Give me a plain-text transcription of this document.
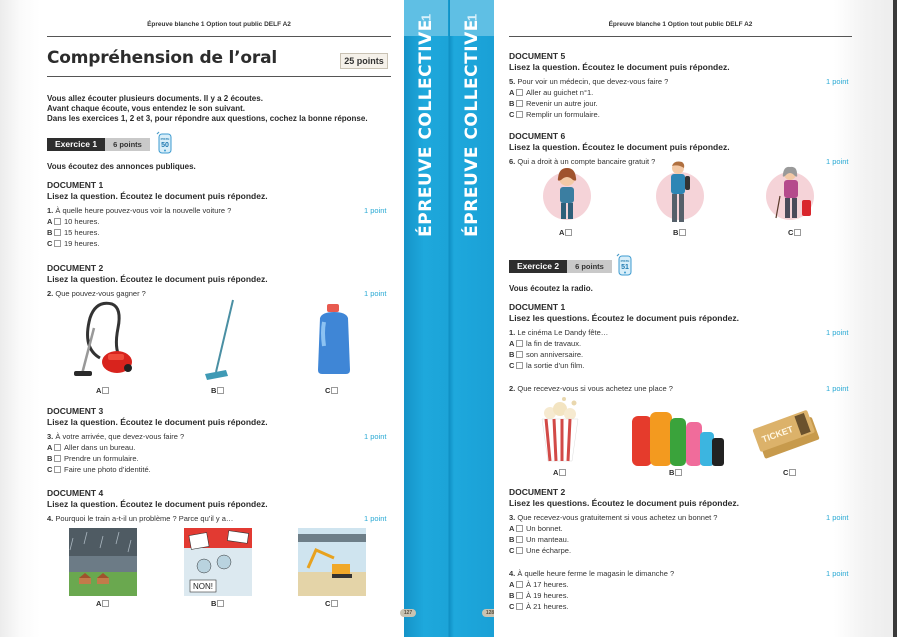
Épreuve blanche 1 Option tout public DELF A2
Compréhension de l’oral	25 points
Vous allez écouter plusieurs documents. Il y a 2 écoutes.
Avant chaque écoute, vous entendez le son suivant.
Dans les exercices 1, 2 et 3, pour répondre aux questions, cochez la bonne réponse.
Exercice 1	6 points
PISTE
50
Vous écoutez des annonces publiques.
DOCUMENT 1
Lisez la question. Écoutez le document puis répondez.
1. À quelle heure pouvez-vous voir la nouvelle voiture ?	1 point
A 10 heures.
B 15 heures.
C 19 heures.
DOCUMENT 2
Lisez la question. Écoutez le document puis répondez.
2. Que pouvez-vous gagner ?	1 point
A	B	C
DOCUMENT 3
Lisez la question. Écoutez le document puis répondez.
3. À votre arrivée, que devez-vous faire ?	1 point
A Aller dans un bureau.
B Prendre un formulaire.
C Faire une photo d’identité.
DOCUMENT 4
Lisez la question. Écoutez le document puis répondez.
4. Pourquoi le train a-t-il un problème ? Parce qu’il y a…	1 point
A
NON!
B	C
1
ÉPREUVE COLLECTIVE
1
ÉPREUVE COLLECTIVE
127	128
Épreuve blanche 1 Option tout public DELF A2
DOCUMENT 5
Lisez la question. Écoutez le document puis répondez.
5. Pour voir un médecin, que devez-vous faire ?	1 point
A Aller au guichet n°1.
B Revenir un autre jour.
C Remplir un formulaire.
DOCUMENT 6
Lisez la question. Écoutez le document puis répondez.
6. Qui a droit à un compte bancaire gratuit ?	1 point
A	B	C
Exercice 2	6 points
PISTE
51
Vous écoutez la radio.
DOCUMENT 1
Lisez les questions. Écoutez le document puis répondez.
1. Le cinéma Le Dandy fête…	1 point
A la fin de travaux.
B son anniversaire.
C la sortie d’un film.
2. Que recevez-vous si vous achetez une place ?	1 point
A	B
TICKET
C
DOCUMENT 2
Lisez les questions. Écoutez le document puis répondez.
3. Que recevez-vous gratuitement si vous achetez un bonnet ?	1 point
A Un bonnet.
B Un manteau.
C Une écharpe.
4. À quelle heure ferme le magasin le dimanche ?	1 point
A À 17 heures.
B À 19 heures.
C À 21 heures.
